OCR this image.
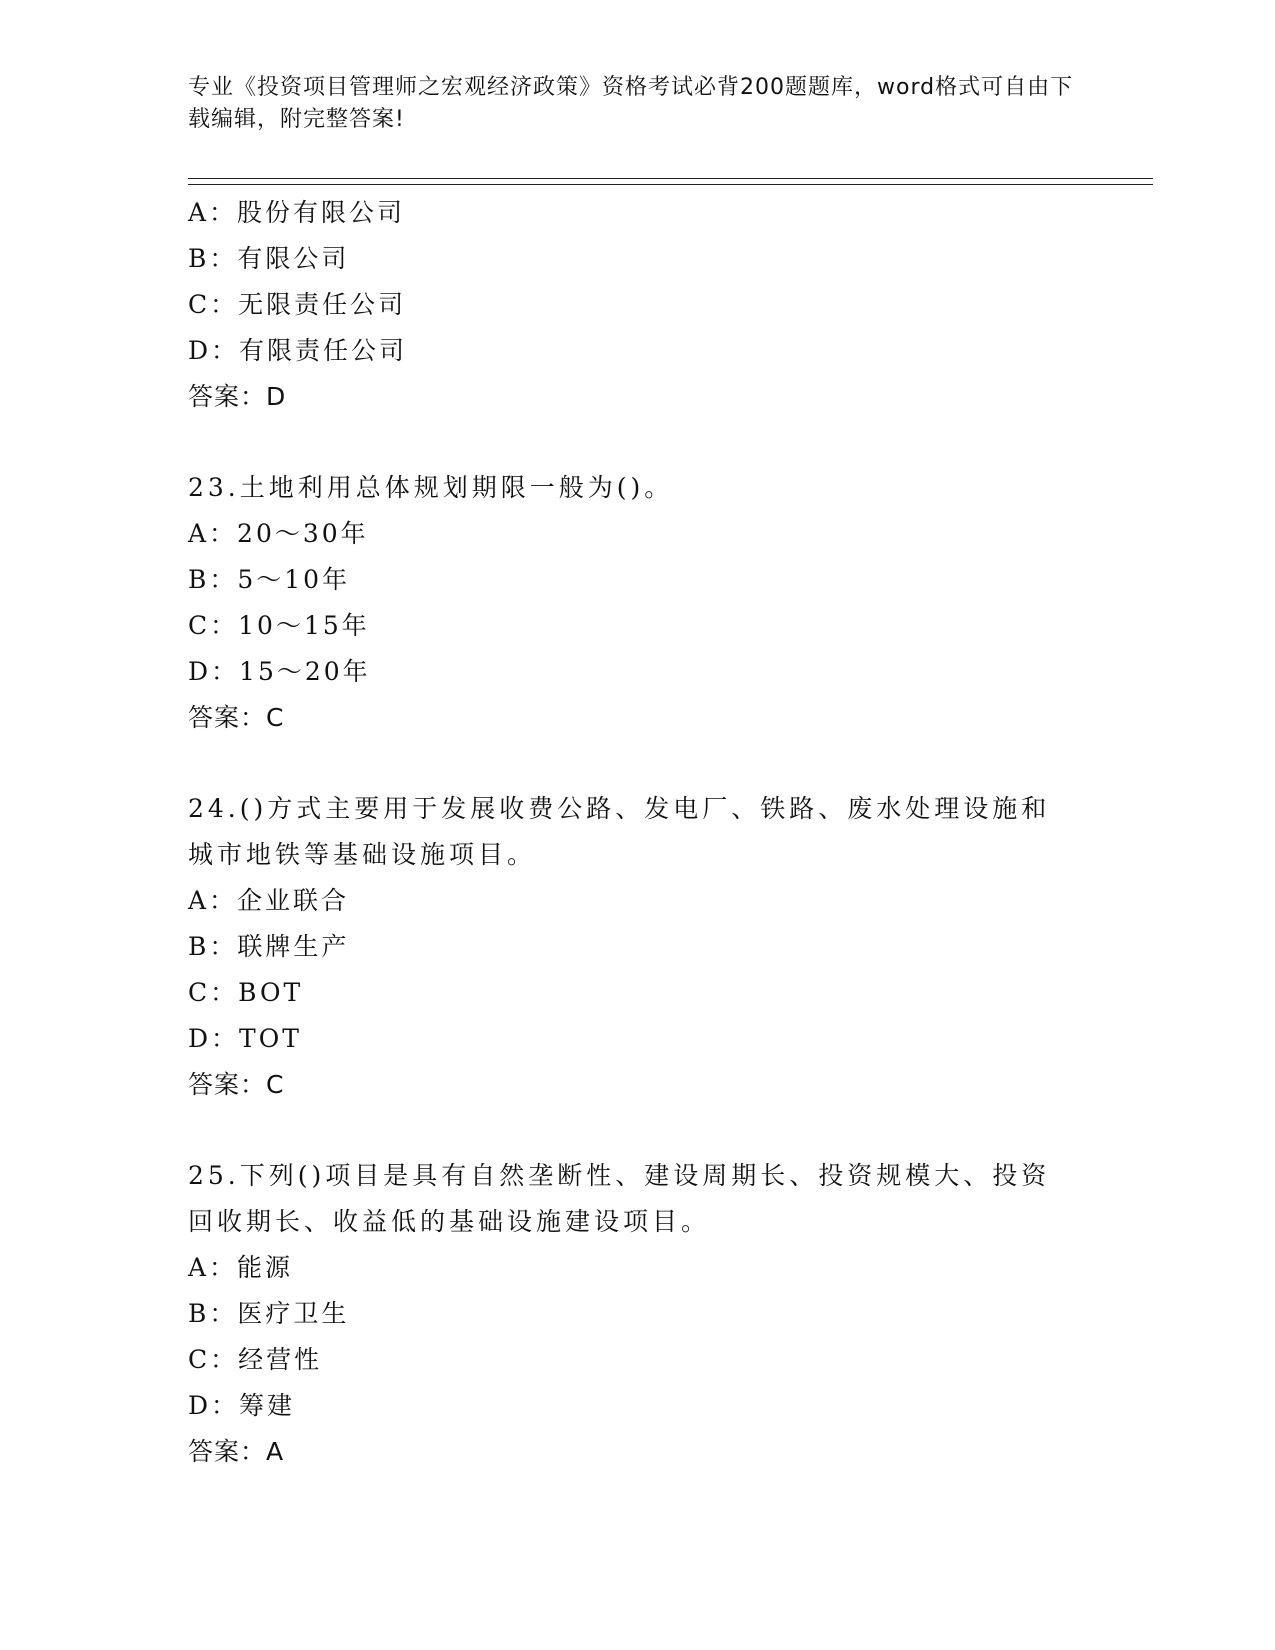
专业《投资项目管理师之宏观经济政策》资格考试必背200题题库，word格式可自由下载编辑，附完整答案!
A：股份有限公司
B：有限公司
C：无限责任公司
D：有限责任公司
答案：D
23.土地利用总体规划期限一般为()。
A：20～30年
B：5～10年
C：10～15年
D：15～20年
答案：C
24.()方式主要用于发展收费公路、发电厂、铁路、废水处理设施和城市地铁等基础设施项目。
A：企业联合
B：联牌生产
C：BOT
D：TOT
答案：C
25.下列()项目是具有自然垄断性、建设周期长、投资规模大、投资回收期长、收益低的基础设施建设项目。
A：能源
B：医疗卫生
C：经营性
D：筹建
答案：A
